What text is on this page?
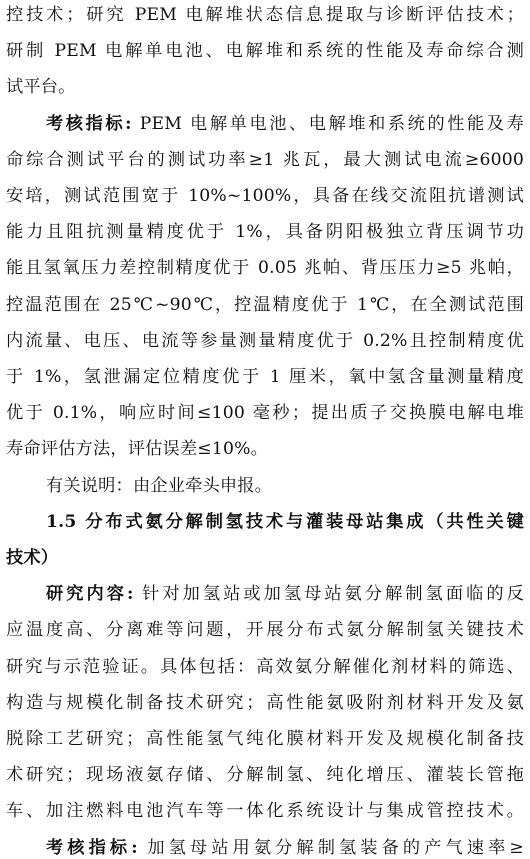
控技术；研究 PEM 电解堆状态信息提取与诊断评估技术；
研制 PEM 电解单电池、电解堆和系统的性能及寿命综合测
试平台。
考核指标: PEM 电解单电池、电解堆和系统的性能及寿
命综合测试平台的测试功率≥1 兆瓦，最大测试电流≥6000
安培，测试范围宽于 10%~100%，具备在线交流阻抗谱测试
能力且阻抗测量精度优于 1%，具备阴阳极独立背压调节功
能且氢氧压力差控制精度优于 0.05 兆帕、背压压力≥5 兆帕，
控温范围在 25℃~90℃，控温精度优于 1℃，在全测试范围
内流量、电压、电流等参量测量精度优于 0.2%且控制精度优
于 1%，氢泄漏定位精度优于 1 厘米，氧中氢含量测量精度
优于 0.1%，响应时间≤100 毫秒；提出质子交换膜电解电堆
寿命评估方法，评估误差≤10%。
有关说明：由企业牵头申报。
1.5 分布式氨分解制氢技术与灌装母站集成（共性关键
技术）
研究内容: 针对加氢站或加氢母站氨分解制氢面临的反
应温度高、分离难等问题，开展分布式氨分解制氢关键技术
研究与示范验证。具体包括：高效氨分解催化剂材料的筛选、
构造与规模化制备技术研究；高性能氨吸附剂材料开发及氨
脱除工艺研究；高性能氢气纯化膜材料开发及规模化制备技
术研究；现场液氨存储、分解制氢、纯化增压、灌装长管拖
车、加注燃料电池汽车等一体化系统设计与集成管控技术。
考核指标: 加氢母站用氨分解制氢装备的产气速率≥
